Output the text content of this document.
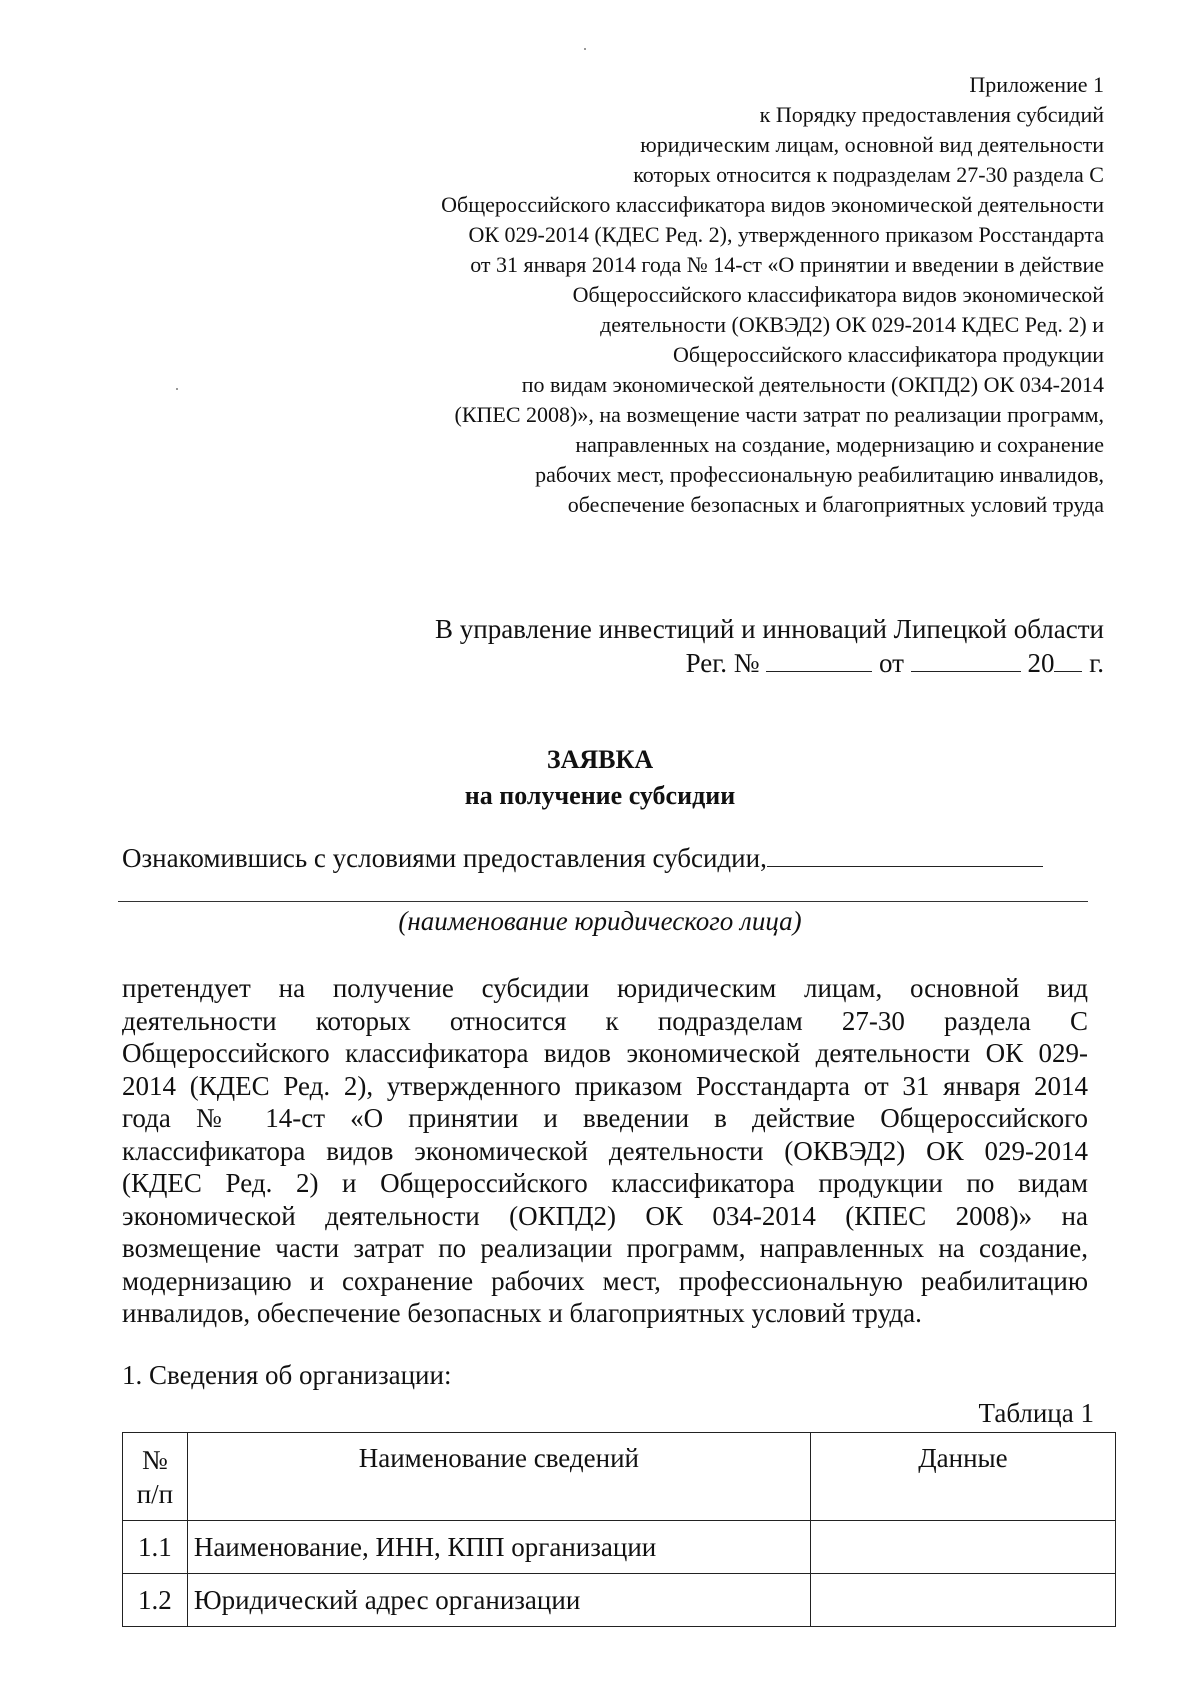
Приложение 1
к Порядку предоставления субсидий
юридическим лицам, основной вид деятельности
которых относится к подразделам 27-30 раздела С
Общероссийского классификатора видов экономической деятельности
ОК 029-2014 (КДЕС Ред. 2), утвержденного приказом Росстандарта
от 31 января 2014 года № 14-ст «О принятии и введении в действие
Общероссийского классификатора видов экономической
деятельности (ОКВЭД2) ОК 029-2014 КДЕС Ред. 2) и
Общероссийского классификатора продукции
по видам экономической деятельности (ОКПД2) ОК 034-2014
(КПЕС 2008)», на возмещение части затрат по реализации программ,
направленных на создание, модернизацию и сохранение
рабочих мест, профессиональную реабилитацию инвалидов,
обеспечение безопасных и благоприятных условий труда
В управление инвестиций и инноваций Липецкой области
Рег. №	от	20 г.
ЗАЯВКА
на получение субсидии
Ознакомившись с условиями предоставления субсидии,
(наименование юридического лица)
претендует на получение субсидии юридическим лицам, основной вид
деятельности которых относится к подразделам 27-30 раздела С
Общероссийского классификатора видов экономической деятельности ОК 029-
2014 (КДЕС Ред. 2), утвержденного приказом Росстандарта от 31 января 2014
года № 14-ст «О принятии и введении в действие Общероссийского
классификатора видов экономической деятельности (ОКВЭД2) ОК 029-2014
(КДЕС Ред. 2) и Общероссийского классификатора продукции по видам
экономической деятельности (ОКПД2) ОК 034-2014 (КПЕС 2008)» на
возмещение части затрат по реализации программ, направленных на создание,
модернизацию и сохранение рабочих мест, профессиональную реабилитацию
инвалидов, обеспечение безопасных и благоприятных условий труда.
1. Сведения об организации:
Таблица 1
№
п/п	Наименование сведений	Данные
1.1	Наименование, ИНН, КПП организации	
1.2	Юридический адрес организации	
